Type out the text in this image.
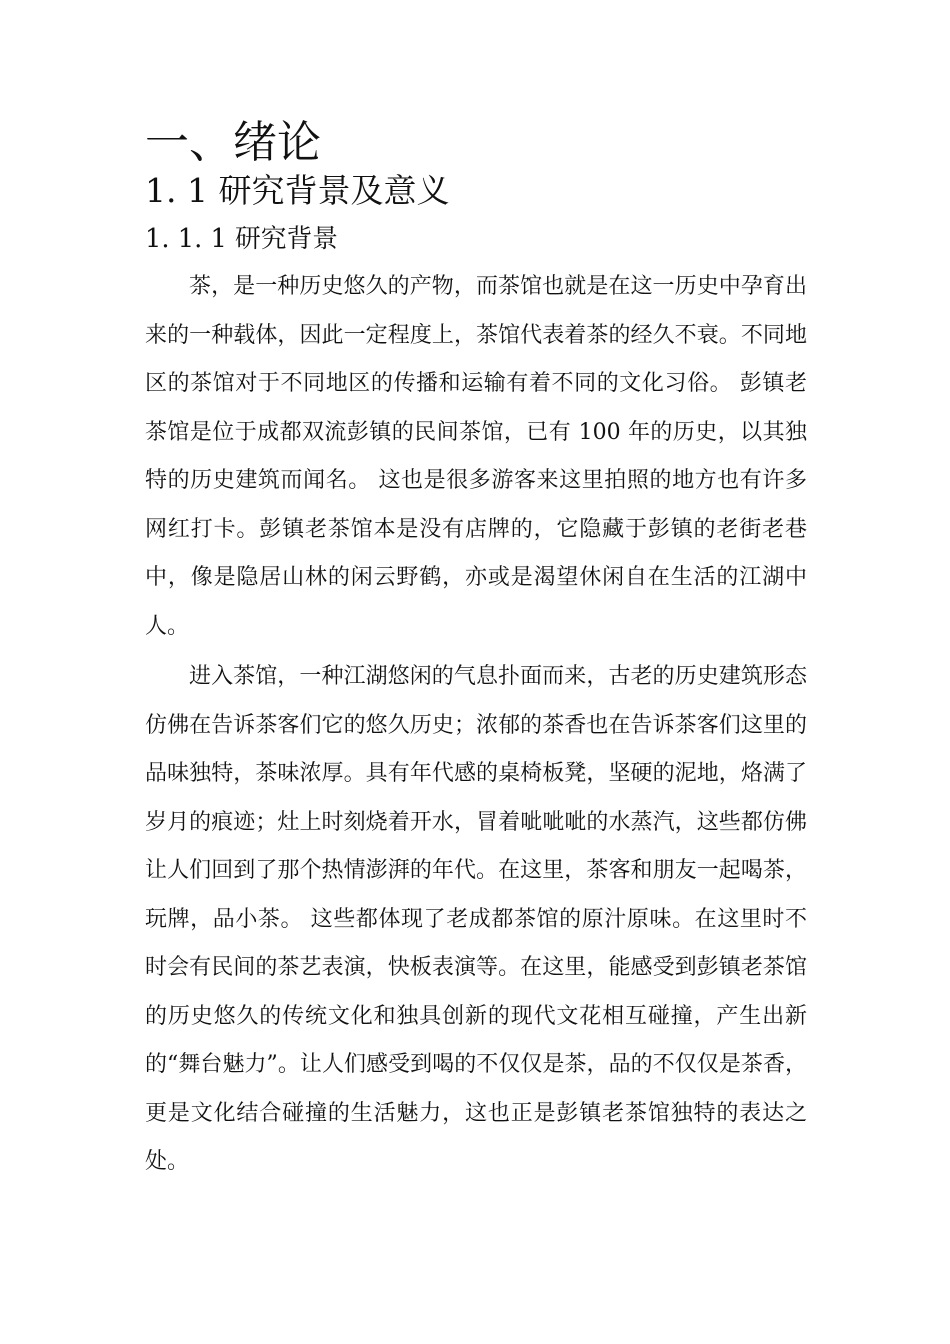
一、绪论
1. 1 研究背景及意义
1. 1. 1 研究背景

茶，是一种历史悠久的产物，而茶馆也就是在这一历史中孕育出来的一种载体，因此一定程度上，茶馆代表着茶的经久不衰。不同地区的茶馆对于不同地区的传播和运输有着不同的文化习俗。 彭镇老茶馆是位于成都双流彭镇的民间茶馆，已有 100 年的历史，以其独特的历史建筑而闻名。 这也是很多游客来这里拍照的地方也有许多网红打卡。彭镇老茶馆本是没有店牌的，它隐藏于彭镇的老街老巷中，像是隐居山林的闲云野鹤，亦或是渴望休闲自在生活的江湖中人。

进入茶馆，一种江湖悠闲的气息扑面而来，古老的历史建筑形态仿佛在告诉茶客们它的悠久历史；浓郁的茶香也在告诉茶客们这里的品味独特，茶味浓厚。具有年代感的桌椅板凳，坚硬的泥地，烙满了岁月的痕迹；灶上时刻烧着开水，冒着呲呲呲的水蒸汽，这些都仿佛让人们回到了那个热情澎湃的年代。在这里，茶客和朋友一起喝茶，玩牌，品小茶。 这些都体现了老成都茶馆的原汁原味。在这里时不时会有民间的茶艺表演，快板表演等。在这里，能感受到彭镇老茶馆的历史悠久的传统文化和独具创新的现代文花相互碰撞，产生出新的“舞台魅力”。让人们感受到喝的不仅仅是茶，品的不仅仅是茶香，更是文化结合碰撞的生活魅力，这也正是彭镇老茶馆独特的表达之处。
